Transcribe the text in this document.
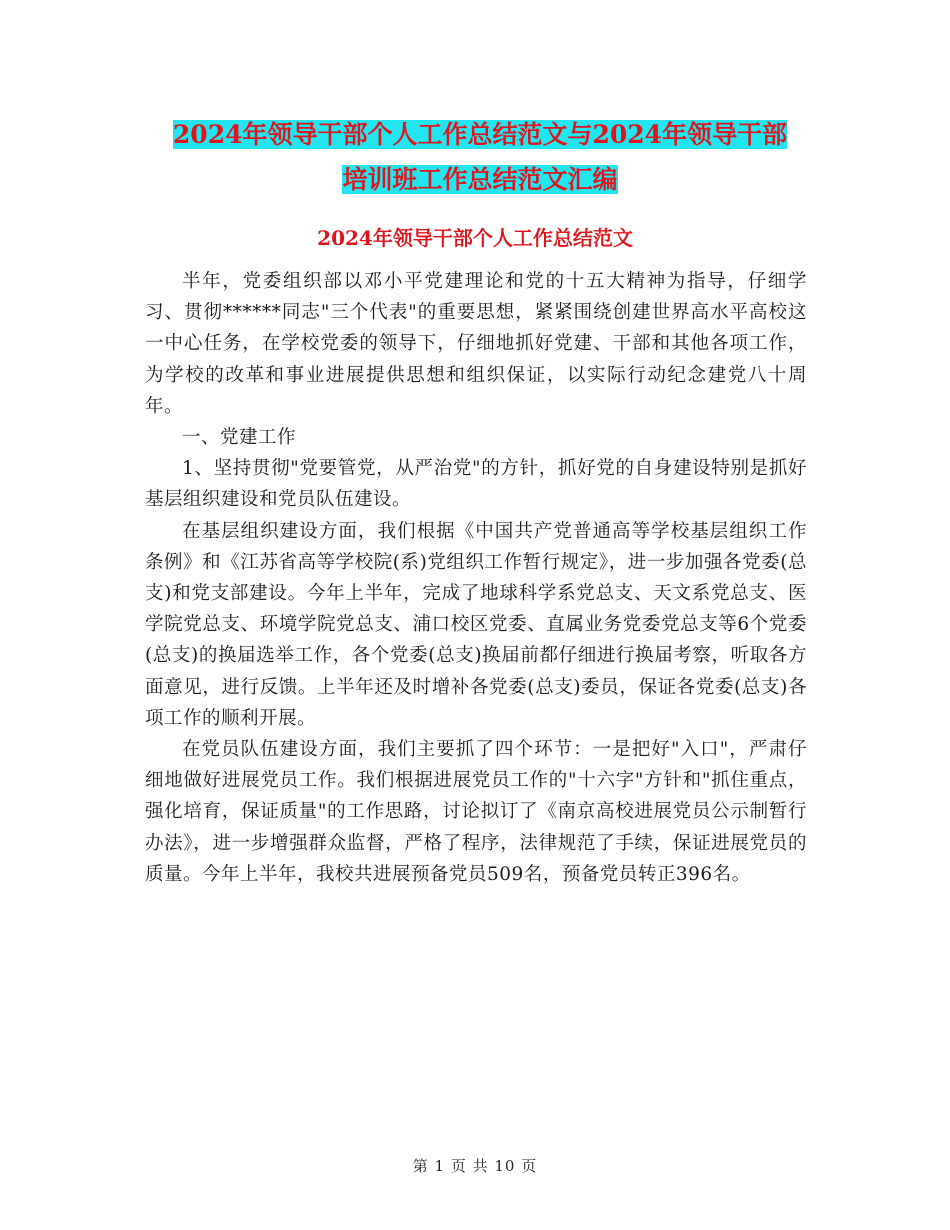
2024年领导干部个人工作总结范文与2024年领导干部
培训班工作总结范文汇编
2024年领导干部个人工作总结范文

半年，党委组织部以邓小平党建理论和党的十五大精神为指导，仔细学习、贯彻******同志"三个代表"的重要思想，紧紧围绕创建世界高水平高校这一中心任务，在学校党委的领导下，仔细地抓好党建、干部和其他各项工作，为学校的改革和事业进展提供思想和组织保证，以实际行动纪念建党八十周年。

一、党建工作

1、坚持贯彻"党要管党，从严治党"的方针，抓好党的自身建设特别是抓好基层组织建设和党员队伍建设。

在基层组织建设方面，我们根据《中国共产党普通高等学校基层组织工作条例》和《江苏省高等学校院(系)党组织工作暂行规定》，进一步加强各党委(总支)和党支部建设。今年上半年，完成了地球科学系党总支、天文系党总支、医学院党总支、环境学院党总支、浦口校区党委、直属业务党委党总支等6个党委(总支)的换届选举工作，各个党委(总支)换届前都仔细进行换届考察，听取各方面意见，进行反馈。上半年还及时增补各党委(总支)委员，保证各党委(总支)各项工作的顺利开展。

在党员队伍建设方面，我们主要抓了四个环节：一是把好"入口"，严肃仔细地做好进展党员工作。我们根据进展党员工作的"十六字"方针和"抓住重点，强化培育，保证质量"的工作思路，讨论拟订了《南京高校进展党员公示制暂行办法》，进一步增强群众监督，严格了程序，法律规范了手续，保证进展党员的质量。今年上半年，我校共进展预备党员509名，预备党员转正396名。

第 1 页 共 10 页
